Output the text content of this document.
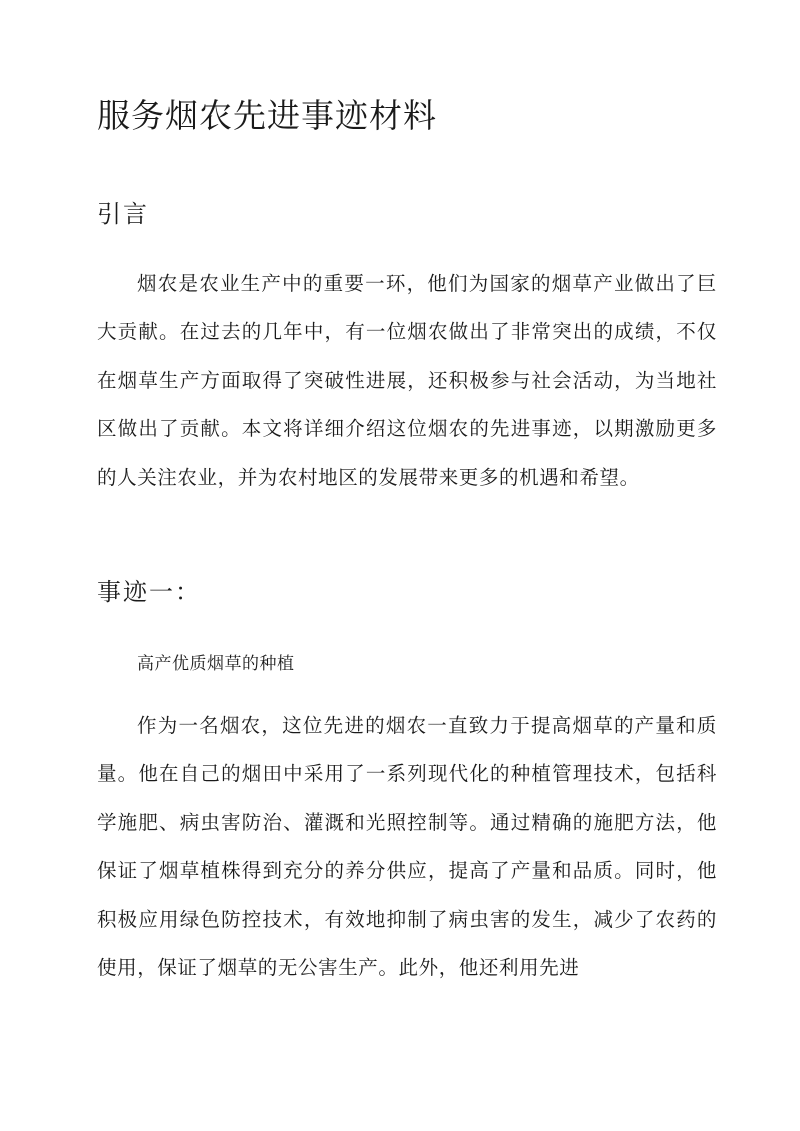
服务烟农先进事迹材料
引言

烟农是农业生产中的重要一环，他们为国家的烟草产业做出了巨大贡献。在过去的几年中，有一位烟农做出了非常突出的成绩，不仅在烟草生产方面取得了突破性进展，还积极参与社会活动，为当地社区做出了贡献。本文将详细介绍这位烟农的先进事迹，以期激励更多的人关注农业，并为农村地区的发展带来更多的机遇和希望。

事迹一：

高产优质烟草的种植

作为一名烟农，这位先进的烟农一直致力于提高烟草的产量和质量。他在自己的烟田中采用了一系列现代化的种植管理技术，包括科学施肥、病虫害防治、灌溉和光照控制等。通过精确的施肥方法，他保证了烟草植株得到充分的养分供应，提高了产量和品质。同时，他积极应用绿色防控技术，有效地抑制了病虫害的发生，减少了农药的使用，保证了烟草的无公害生产。此外，他还利用先进
